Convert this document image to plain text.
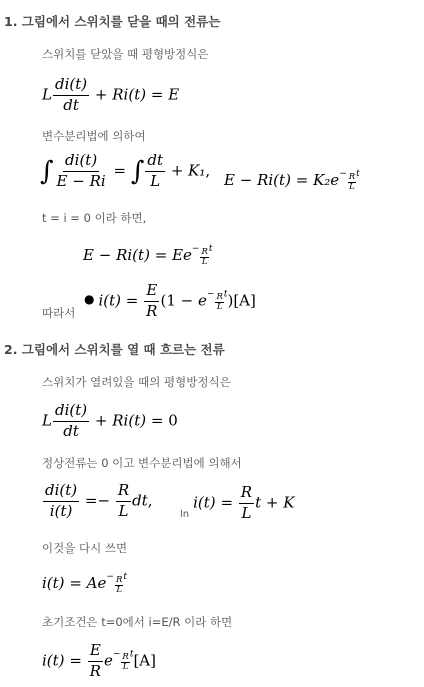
1. 그림에서 스위치를 닫을 때의 전류는
스위치를 닫았을 때 평형방정식은
L $\frac{di(t)}{dt} + Ri(t) = E$
변수분리법에 의하여
∫ $\frac{di(t)}{E - Ri}$ = ∫ $\frac{dt}{L} + K_1$,
$E - Ri(t) = K_2e^- \frac{R}{L} ^t$
t = i = 0 이라 하면,
$E - Ri(t) = Ee^- \frac{R}{L} ^t$
따라서
● $i(t) = \frac{E}{R} (1 - e^- \frac{R}{L} ^t)[A]$
2. 그림에서 스위치를 열 때 흐르는 전류
스위치가 열려있을 때의 평형방정식은
L $\frac{di(t)}{dt} + Ri(t) = 0$
정상전류는 0 이고 변수분리법에 의해서
$\frac{di(t)}{i(t)} =- \frac{R}{L}$ dt,
$_{ln}i(t) = \frac{R}{L}$ t + K
이것을 다시 쓰면
$i(t) = Ae^- \frac{R}{L} ^t$
초기조건은 t=0에서 i=E/R 이라 하면
$i(t) = \frac{E}{R} e^- \frac{R}{L} ^t[A]$
